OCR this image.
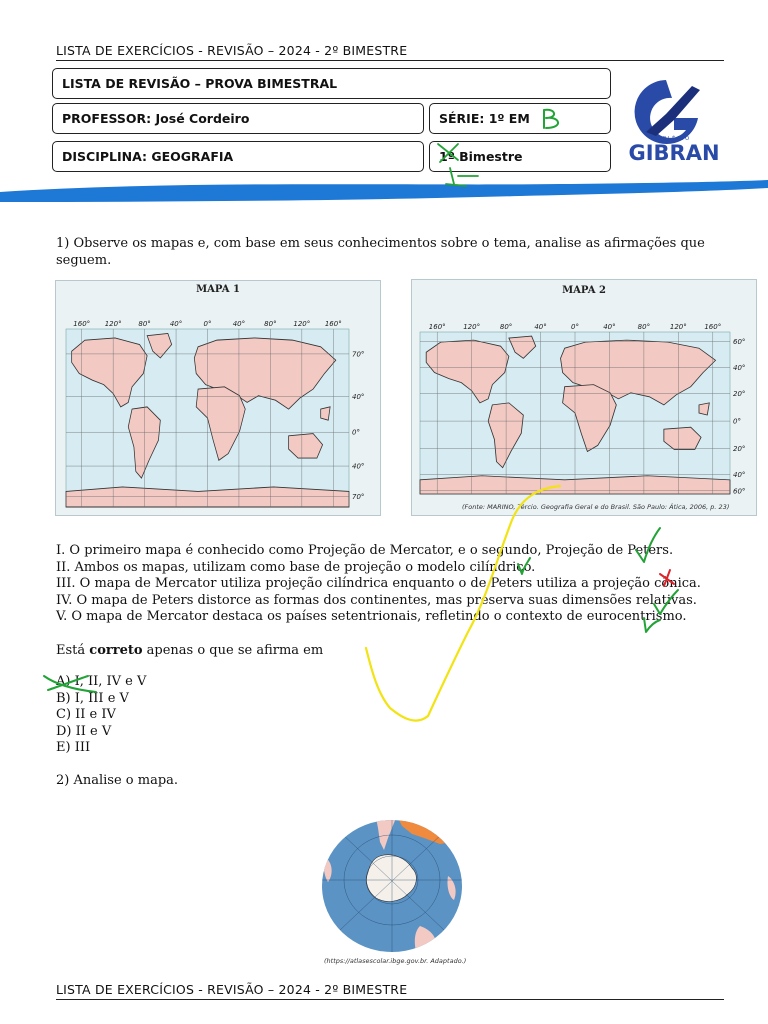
LISTA DE EXERCÍCIOS - REVISÃO – 2024 - 2º BIMESTRE
LISTA DE REVISÃO – PROVA BIMESTRAL
PROFESSOR: José Cordeiro	SÉRIE: 1º EM
DISCIPLINA: GEOGRAFIA	1º
Bimestre
COLÉGIO
GIBRAN
1) Observe os mapas e, com base em seus conhecimentos sobre o tema, analise as afirmações que seguem.
MAPA 1
160° 120° 80°	40°	0°	40°	80° 120° 160°
70°
40°
0°
40°
70°
MAPA 2
160°	120°	80°	40°	0°	40°	80°	120°	160°
60°
40°
20°
0°
20°
40°
60°
(Fonte: MARINO, Tércio. Geografia Geral e do Brasil. São Paulo: Ática, 2006, p. 23)
I. O primeiro mapa é conhecido como Projeção de Mercator, e o segundo, Projeção de Peters.
II. Ambos os mapas, utilizam como base de projeção o modelo cilíndrico.
III. O mapa de Mercator utiliza projeção cilíndrica enquanto o de Peters utiliza a projeção cônica.
IV. O mapa de Peters distorce as formas dos continentes, mas preserva suas dimensões relativas.
V. O mapa de Mercator destaca os países setentrionais, refletindo o contexto de eurocentrismo.
Está correto apenas o que se afirma em
A) I, II, IV e V
B) I, III e V
C) II e IV
D) II e V
E) III
2) Analise o mapa.
(https://atlasescolar.ibge.gov.br. Adaptado.)
LISTA DE EXERCÍCIOS - REVISÃO – 2024 - 2º BIMESTRE
